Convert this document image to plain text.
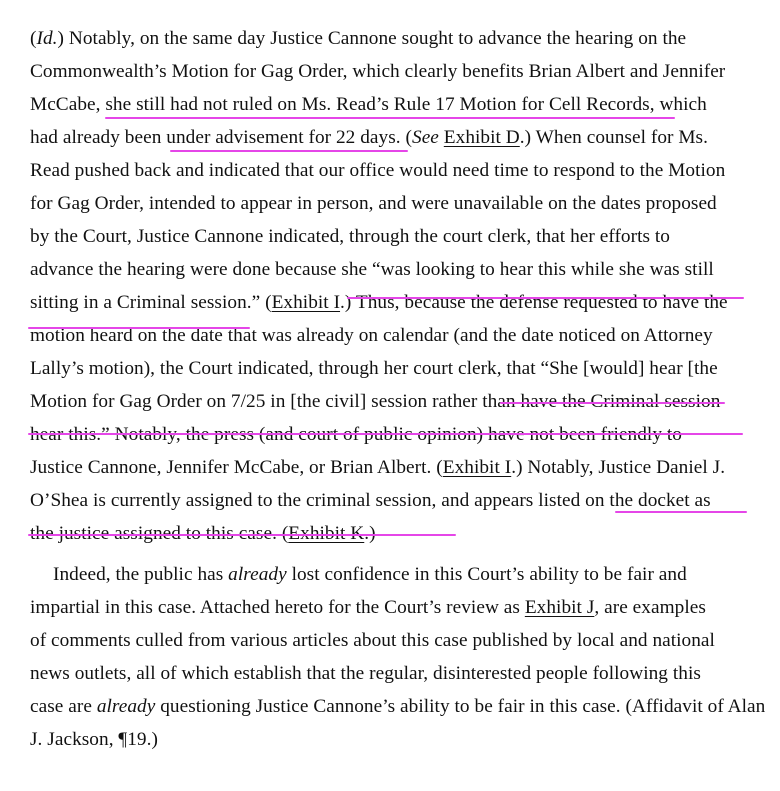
(Id.) Notably, on the same day Justice Cannone sought to advance the hearing on the
Commonwealth’s Motion for Gag Order, which clearly benefits Brian Albert and Jennifer
McCabe, she still had not ruled on Ms. Read’s Rule 17 Motion for Cell Records, which
had already been under advisement for 22 days. (See Exhibit D.) When counsel for Ms.
Read pushed back and indicated that our office would need time to respond to the Motion
for Gag Order, intended to appear in person, and were unavailable on the dates proposed
by the Court, Justice Cannone indicated, through the court clerk, that her efforts to
advance the hearing were done because she “was looking to hear this while she was still
sitting in a Criminal session.” (Exhibit I.) Thus, because the defense requested to have the
motion heard on the date that was already on calendar (and the date noticed on Attorney
Lally’s motion), the Court indicated, through her court clerk, that “She [would] hear [the
Motion for Gag Order on 7/25 in [the civil] session rather than have the Criminal session
hear this.” Notably, the press (and court of public opinion) have not been friendly to
Justice Cannone, Jennifer McCabe, or Brian Albert. (Exhibit I.) Notably, Justice Daniel J.
O’Shea is currently assigned to the criminal session, and appears listed on the docket as
the justice assigned to this case. (Exhibit K.)
Indeed, the public has already lost confidence in this Court’s ability to be fair and
impartial in this case. Attached hereto for the Court’s review as Exhibit J, are examples
of comments culled from various articles about this case published by local and national
news outlets, all of which establish that the regular, disinterested people following this
case are already questioning Justice Cannone’s ability to be fair in this case. (Affidavit of Alan
J. Jackson, ¶19.)
